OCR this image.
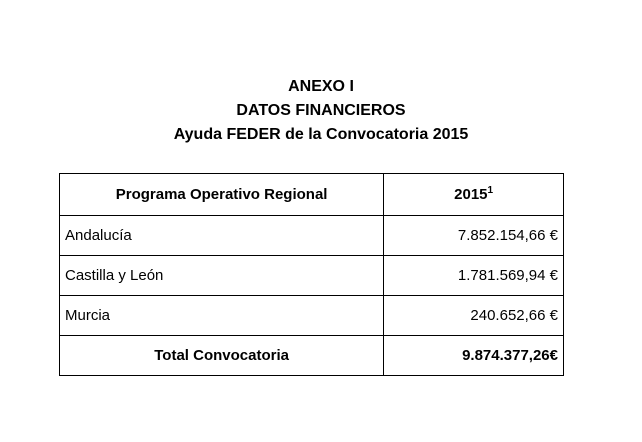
ANEXO I
DATOS FINANCIEROS
Ayuda FEDER de la Convocatoria 2015
Programa Operativo Regional	2015$^1$
Andalucía	7.852.154,66 €
Castilla y León	1.781.569,94 €
Murcia	240.652,66 €
Total Convocatoria	9.874.377,26€
